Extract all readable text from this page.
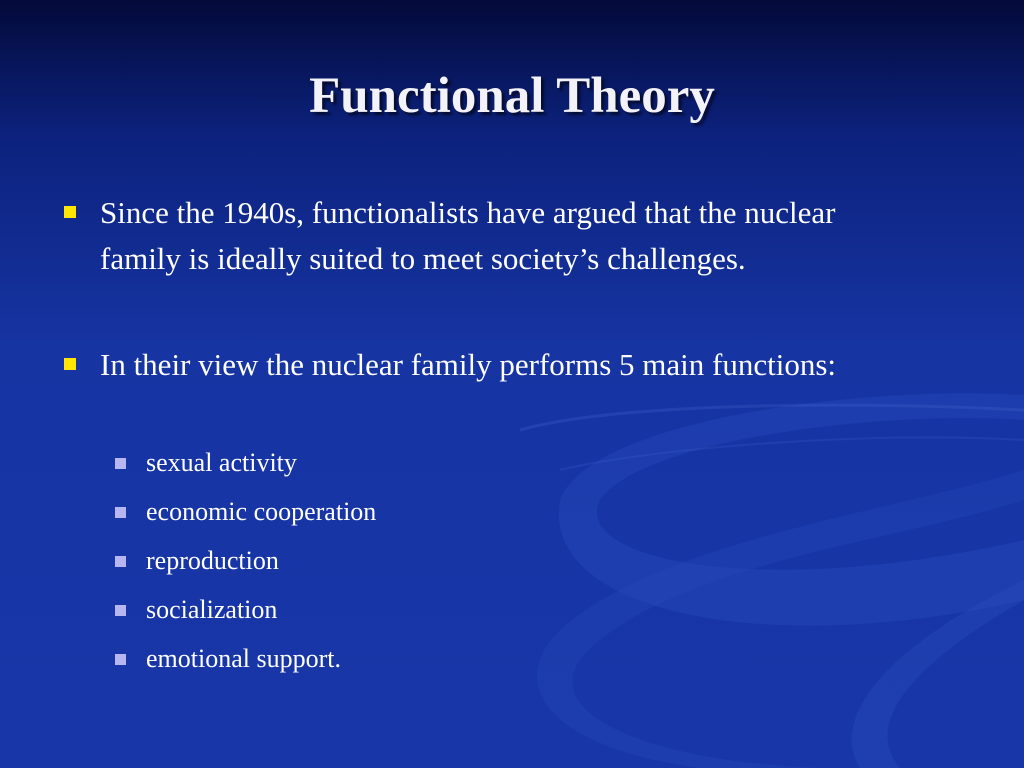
Functional Theory
Since the 1940s, functionalists have argued that the nuclear family is ideally suited to meet society’s challenges.
In their view the nuclear family performs 5 main functions:
sexual activity
economic cooperation
reproduction
socialization
emotional support.
